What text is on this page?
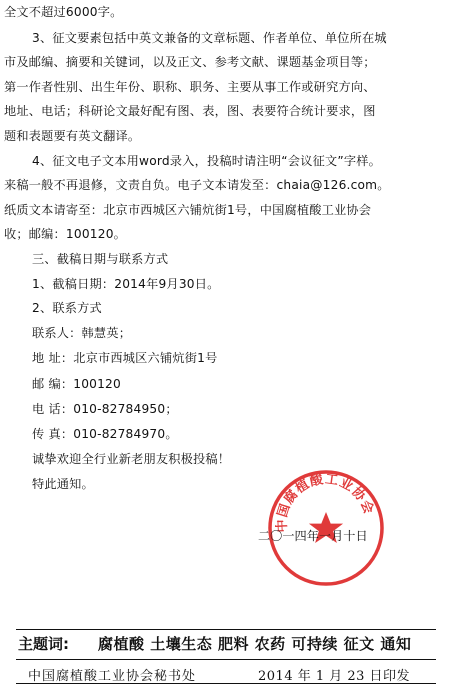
全文不超过6000字。
3、征文要素包括中英文兼备的文章标题、作者单位、单位所在城
市及邮编、摘要和关键词，以及正文、参考文献、课题基金项目等；
第一作者性别、出生年份、职称、职务、主要从事工作或研究方向、
地址、电话；科研论文最好配有图、表，图、表要符合统计要求，图
题和表题要有英文翻译。
4、征文电子文本用word录入，投稿时请注明“会议征文”字样。
来稿一般不再退修，文责自负。电子文本请发至：chaia@126.com。
纸质文本请寄至：北京市西城区六铺炕街1号，中国腐植酸工业协会
收；邮编：100120。
三、截稿日期与联系方式
1、截稿日期：2014年9月30日。
2、联系方式
联系人：韩慧英；
地 址：北京市西城区六铺炕街1号
邮 编：100120
电 话：010-82784950；
传 真：010-82784970。
诚挚欢迎全行业新老朋友积极投稿！
特此通知。
中国腐植酸工业协会
二〇一四年一月十日
主题词: 腐植酸 土壤生态 肥料 农药 可持续 征文 通知
中国腐植酸工业协会秘书处	2014 年 1 月 23 日印发
